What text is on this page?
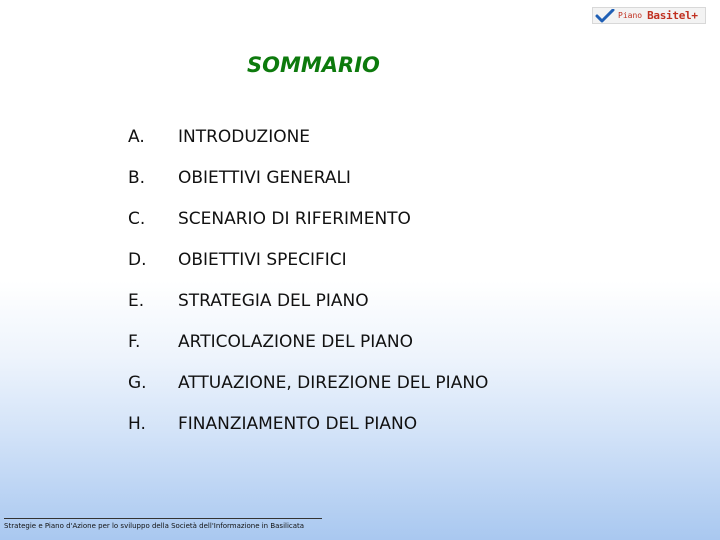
Piano Basitel+
SOMMARIO
A.	INTRODUZIONE
B.	OBIETTIVI GENERALI
C.	SCENARIO DI RIFERIMENTO
D.	OBIETTIVI SPECIFICI
E.	STRATEGIA DEL PIANO
F.	ARTICOLAZIONE DEL PIANO
G.	ATTUAZIONE, DIREZIONE DEL PIANO
H.	FINANZIAMENTO DEL PIANO
Strategie e Piano d'Azione per lo sviluppo della Società dell'Informazione in Basilicata
